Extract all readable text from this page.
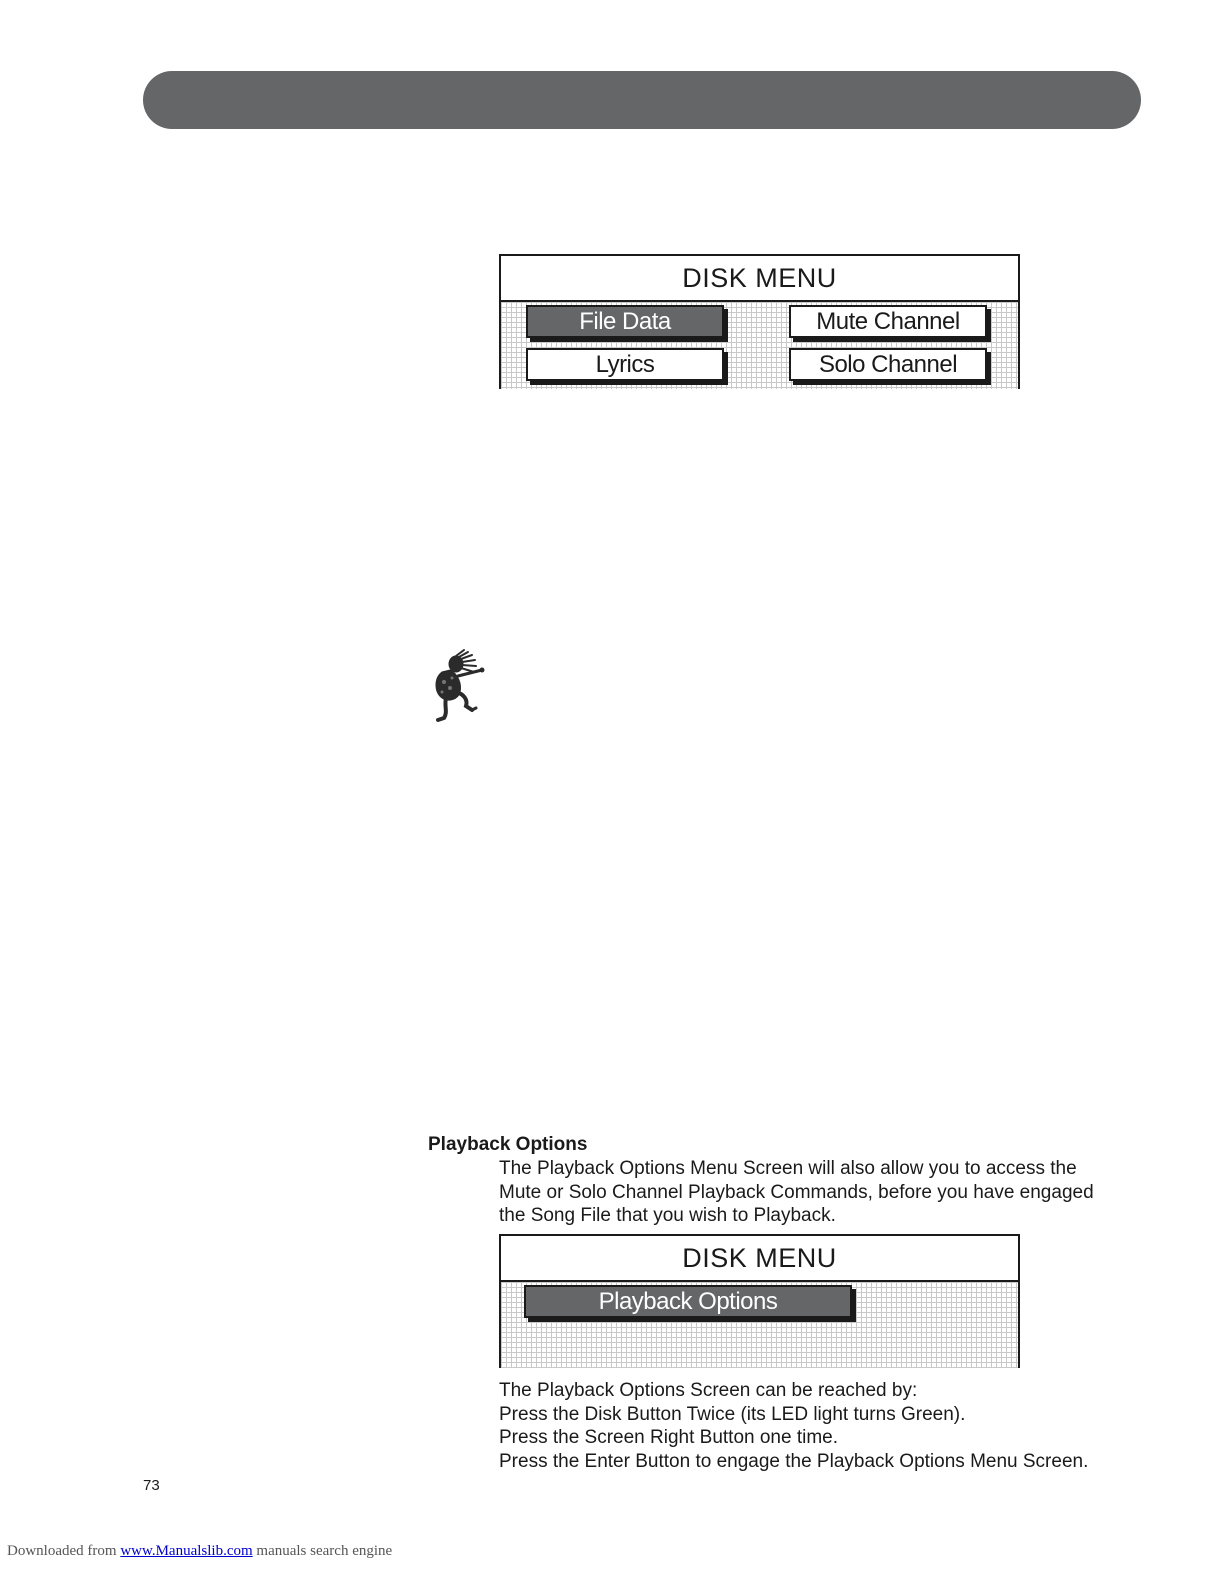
DISK MENU
File Data	Mute Channel
Lyrics	Solo Channel
Playback Options
The Playback Options Menu Screen will also allow you to access the
Mute or Solo Channel Playback Commands, before you have engaged
the Song File that you wish to Playback.
DISK MENU
Playback Options
The Playback Options Screen can be reached by:
Press the Disk Button Twice (its LED light turns Green).
Press the Screen Right Button one time.
Press the Enter Button to engage the Playback Options Menu Screen.
73
Downloaded from www.Manualslib.com manuals search engine
